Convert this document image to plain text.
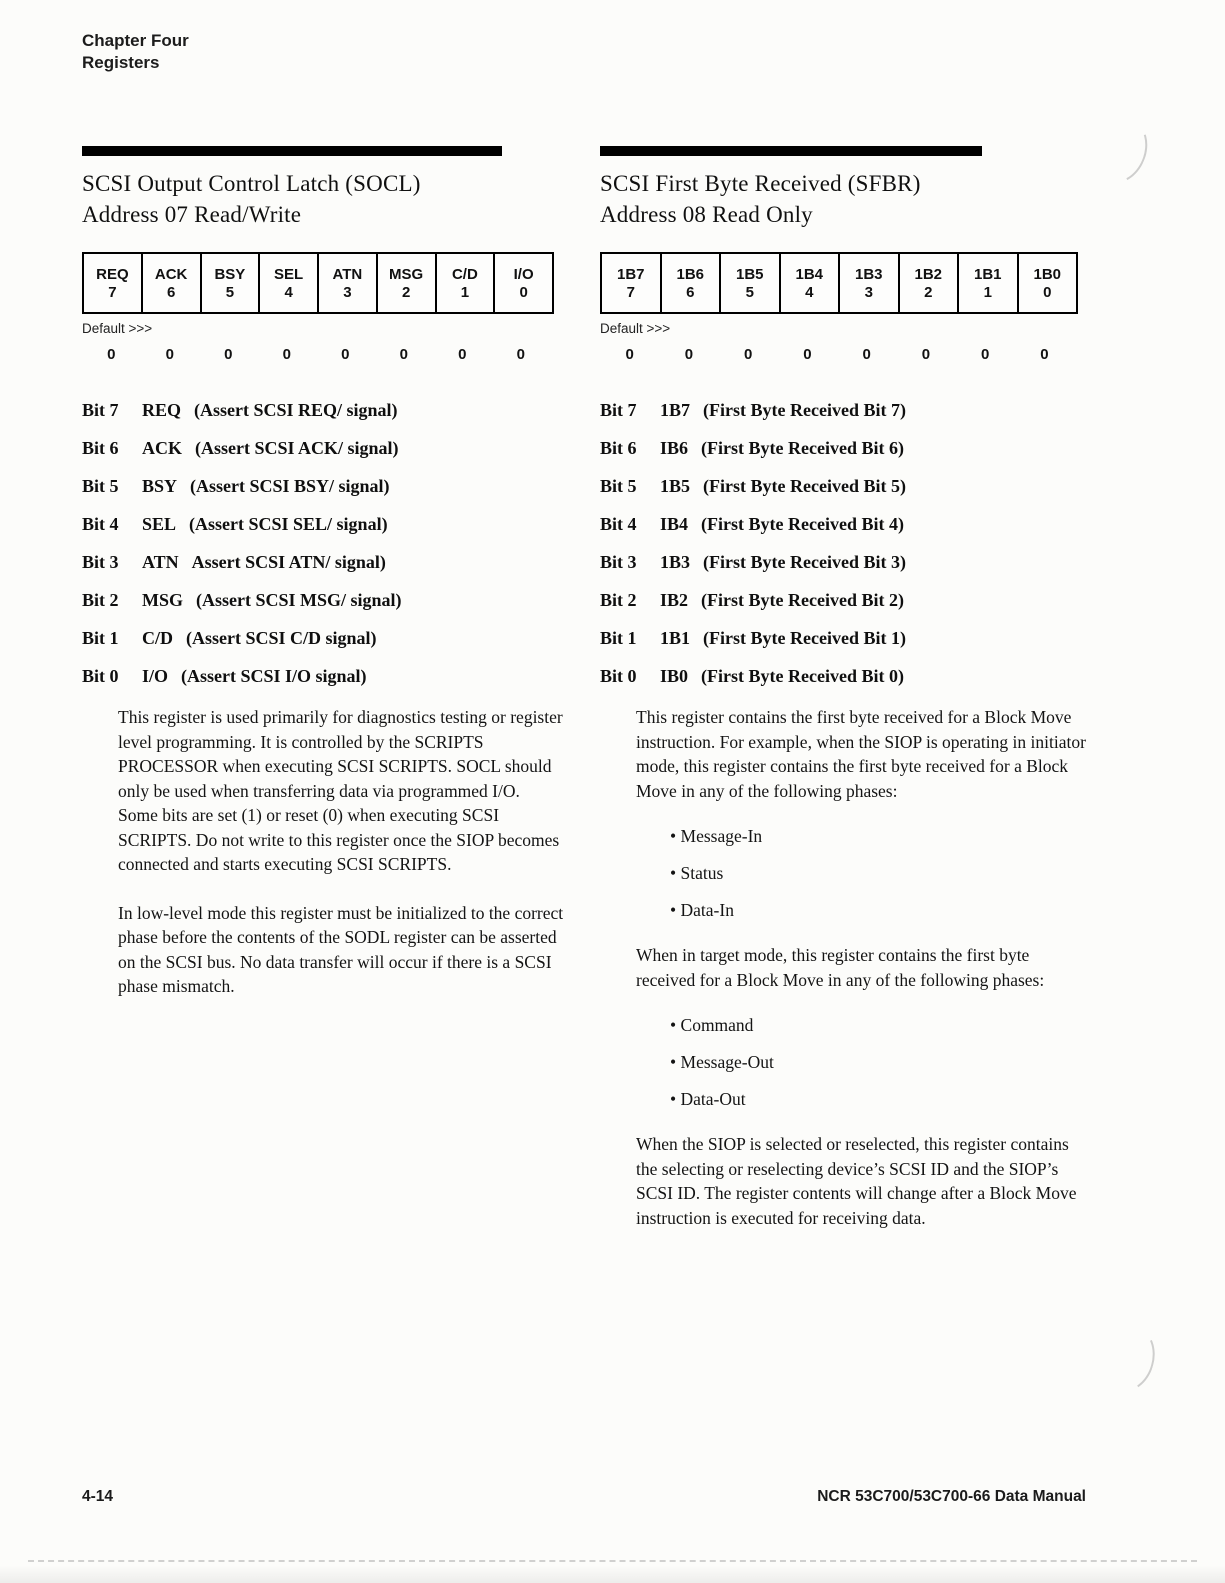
Chapter Four
Registers
SCSI Output Control Latch (SOCL)
Address 07 Read/Write
REQ
7
ACK
6
BSY
5
SEL
4
ATN
3
MSG
2
C/D
1
I/O
0
Default >>>
0	0	0	0	0	0	0	0
Bit 7 REQ (Assert SCSI REQ/ signal)
Bit 6 ACK (Assert SCSI ACK/ signal)
Bit 5 BSY (Assert SCSI BSY/ signal)
Bit 4 SEL (Assert SCSI SEL/ signal)
Bit 3 ATN Assert SCSI ATN/ signal)
Bit 2 MSG (Assert SCSI MSG/ signal)
Bit 1 C/D (Assert SCSI C/D signal)
Bit 0 I/O (Assert SCSI I/O signal)

This register is used primarily for diagnostics testing or register level programming. It is controlled by the SCRIPTS PROCESSOR when executing SCSI SCRIPTS. SOCL should only be used when transferring data via programmed I/O. Some bits are set (1) or reset (0) when executing SCSI SCRIPTS. Do not write to this register once the SIOP becomes connected and starts executing SCSI SCRIPTS.

In low-level mode this register must be initialized to the correct phase before the contents of the SODL register can be asserted on the SCSI bus. No data transfer will occur if there is a SCSI phase mismatch.

SCSI First Byte Received (SFBR)
Address 08 Read Only
1B7
7
1B6
6
1B5
5
1B4
4
1B3
3
1B2
2
1B1
1
1B0
0
Default >>>
0	0	0	0	0	0	0	0
Bit 7 1B7 (First Byte Received Bit 7)
Bit 6 IB6 (First Byte Received Bit 6)
Bit 5 1B5 (First Byte Received Bit 5)
Bit 4 IB4 (First Byte Received Bit 4)
Bit 3 1B3 (First Byte Received Bit 3)
Bit 2 IB2 (First Byte Received Bit 2)
Bit 1 1B1 (First Byte Received Bit 1)
Bit 0 IB0 (First Byte Received Bit 0)

This register contains the first byte received for a Block Move instruction. For example, when the SIOP is operating in initiator mode, this register contains the first byte received for a Block Move in any of the following phases:

• Message-In
• Status
• Data-In

When in target mode, this register contains the first byte received for a Block Move in any of the following phases:

• Command
• Message-Out
• Data-Out

When the SIOP is selected or reselected, this register contains the selecting or reselecting device’s SCSI ID and the SIOP’s SCSI ID. The register contents will change after a Block Move instruction is executed for receiving data.

4-14	NCR 53C700/53C700-66 Data Manual
